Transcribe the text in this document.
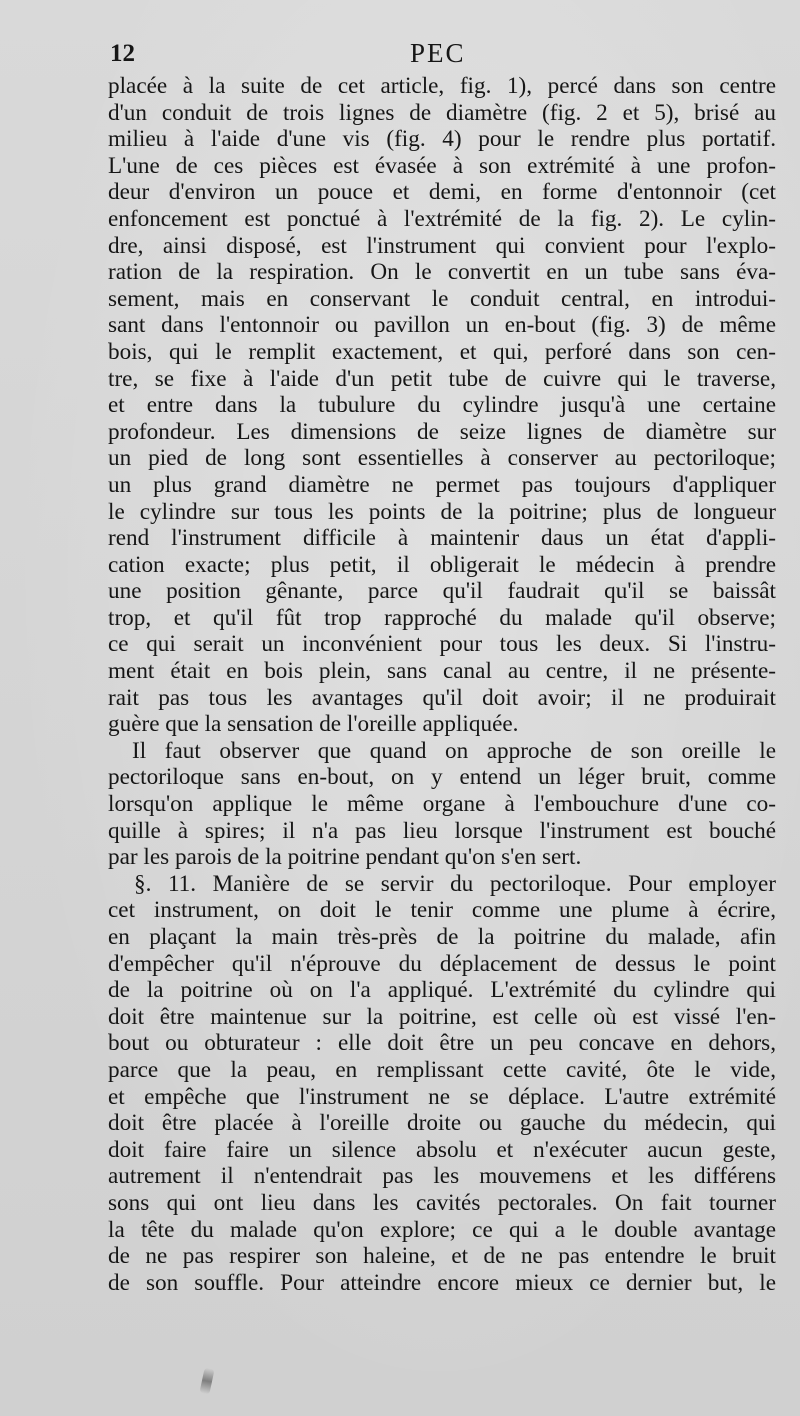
12	PEC
placée à la suite de cet article, fig. 1), percé dans son centre
d'un conduit de trois lignes de diamètre (fig. 2 et 5), brisé au
milieu à l'aide d'une vis (fig. 4) pour le rendre plus portatif.
L'une de ces pièces est évasée à son extrémité à une profon-
deur d'environ un pouce et demi, en forme d'entonnoir (cet
enfoncement est ponctué à l'extrémité de la fig. 2). Le cylin-
dre, ainsi disposé, est l'instrument qui convient pour l'explo-
ration de la respiration. On le convertit en un tube sans éva-
sement, mais en conservant le conduit central, en introdui-
sant dans l'entonnoir ou pavillon un en-bout (fig. 3) de même
bois, qui le remplit exactement, et qui, perforé dans son cen-
tre, se fixe à l'aide d'un petit tube de cuivre qui le traverse,
et entre dans la tubulure du cylindre jusqu'à une certaine
profondeur. Les dimensions de seize lignes de diamètre sur
un pied de long sont essentielles à conserver au pectoriloque;
un plus grand diamètre ne permet pas toujours d'appliquer
le cylindre sur tous les points de la poitrine; plus de longueur
rend l'instrument difficile à maintenir daus un état d'appli-
cation exacte; plus petit, il obligerait le médecin à prendre
une position gênante, parce qu'il faudrait qu'il se baissât
trop, et qu'il fût trop rapproché du malade qu'il observe;
ce qui serait un inconvénient pour tous les deux. Si l'instru-
ment était en bois plein, sans canal au centre, il ne présente-
rait pas tous les avantages qu'il doit avoir; il ne produirait
guère que la sensation de l'oreille appliquée.
Il faut observer que quand on approche de son oreille le
pectoriloque sans en-bout, on y entend un léger bruit, comme
lorsqu'on applique le même organe à l'embouchure d'une co-
quille à spires; il n'a pas lieu lorsque l'instrument est bouché
par les parois de la poitrine pendant qu'on s'en sert.
§. 11. Manière de se servir du pectoriloque. Pour employer
cet instrument, on doit le tenir comme une plume à écrire,
en plaçant la main très-près de la poitrine du malade, afin
d'empêcher qu'il n'éprouve du déplacement de dessus le point
de la poitrine où on l'a appliqué. L'extrémité du cylindre qui
doit être maintenue sur la poitrine, est celle où est vissé l'en-
bout ou obturateur : elle doit être un peu concave en dehors,
parce que la peau, en remplissant cette cavité, ôte le vide,
et empêche que l'instrument ne se déplace. L'autre extrémité
doit être placée à l'oreille droite ou gauche du médecin, qui
doit faire faire un silence absolu et n'exécuter aucun geste,
autrement il n'entendrait pas les mouvemens et les différens
sons qui ont lieu dans les cavités pectorales. On fait tourner
la tête du malade qu'on explore; ce qui a le double avantage
de ne pas respirer son haleine, et de ne pas entendre le bruit
de son souffle. Pour atteindre encore mieux ce dernier but, le
